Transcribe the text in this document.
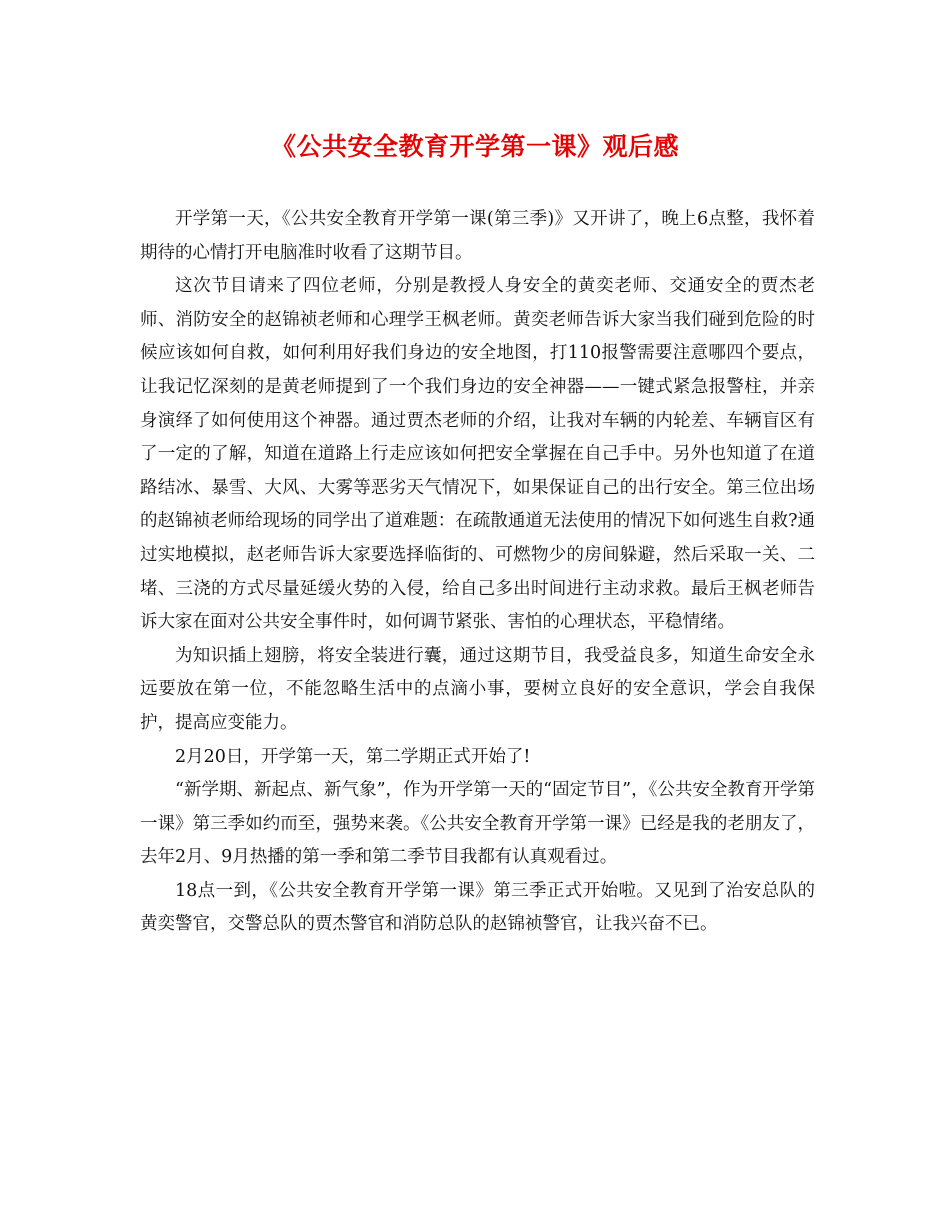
《公共安全教育开学第一课》观后感

开学第一天，《公共安全教育开学第一课(第三季)》又开讲了，晚上6点整，我怀着期待的心情打开电脑准时收看了这期节目。

这次节目请来了四位老师，分别是教授人身安全的黄奕老师、交通安全的贾杰老师、消防安全的赵锦祯老师和心理学王枫老师。黄奕老师告诉大家当我们碰到危险的时候应该如何自救，如何利用好我们身边的安全地图，打110报警需要注意哪四个要点，让我记忆深刻的是黄老师提到了一个我们身边的安全神器——一键式紧急报警柱，并亲身演绎了如何使用这个神器。通过贾杰老师的介绍，让我对车辆的内轮差、车辆盲区有了一定的了解，知道在道路上行走应该如何把安全掌握在自己手中。另外也知道了在道路结冰、暴雪、大风、大雾等恶劣天气情况下，如果保证自己的出行安全。第三位出场的赵锦祯老师给现场的同学出了道难题：在疏散通道无法使用的情况下如何逃生自救?通过实地模拟，赵老师告诉大家要选择临街的、可燃物少的房间躲避，然后采取一关、二堵、三浇的方式尽量延缓火势的入侵，给自己多出时间进行主动求救。最后王枫老师告诉大家在面对公共安全事件时，如何调节紧张、害怕的心理状态，平稳情绪。

为知识插上翅膀，将安全装进行囊，通过这期节目，我受益良多，知道生命安全永远要放在第一位，不能忽略生活中的点滴小事，要树立良好的安全意识，学会自我保护，提高应变能力。

2月20日，开学第一天，第二学期正式开始了!

“新学期、新起点、新气象”，作为开学第一天的“固定节目”，《公共安全教育开学第一课》第三季如约而至，强势来袭。《公共安全教育开学第一课》已经是我的老朋友了，去年2月、9月热播的第一季和第二季节目我都有认真观看过。

18点一到，《公共安全教育开学第一课》第三季正式开始啦。又见到了治安总队的黄奕警官，交警总队的贾杰警官和消防总队的赵锦祯警官，让我兴奋不已。
